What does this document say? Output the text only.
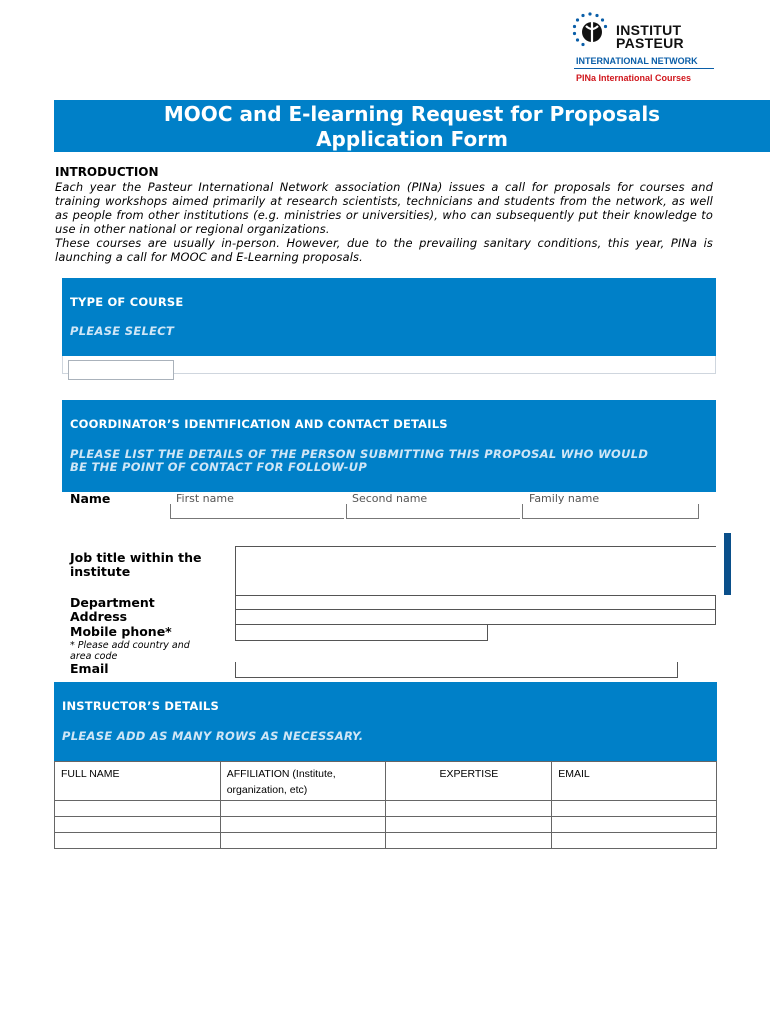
INSTITUT
PASTEUR
INTERNATIONAL NETWORK
PINa International Courses
MOOC and E-learning Request for Proposals
Application Form
INTRODUCTION
Each year the Pasteur International Network association (PINa) issues a call for proposals for courses and training workshops aimed primarily at research scientists, technicians and students from the network, as well as people from other institutions (e.g. ministries or universities), who can subsequently put their knowledge to use in other national or regional organizations.
These courses are usually in-person. However, due to the prevailing sanitary conditions, this year, PINa is launching a call for MOOC and E-Learning proposals.
TYPE OF COURSE
PLEASE SELECT
COORDINATOR’S IDENTIFICATION AND CONTACT DETAILS
PLEASE LIST THE DETAILS OF THE PERSON SUBMITTING THIS PROPOSAL WHO WOULD
BE THE POINT OF CONTACT FOR FOLLOW-UP
Name	First name	Second name	Family name
Job title within the
institute
Department
Address
Mobile phone*
* Please add country and
area code
Email
INSTRUCTOR’S DETAILS
PLEASE ADD AS MANY ROWS AS NECESSARY.
FULL NAME	AFFILIATION (Institute,
organization, etc)	EXPERTISE	EMAIL
